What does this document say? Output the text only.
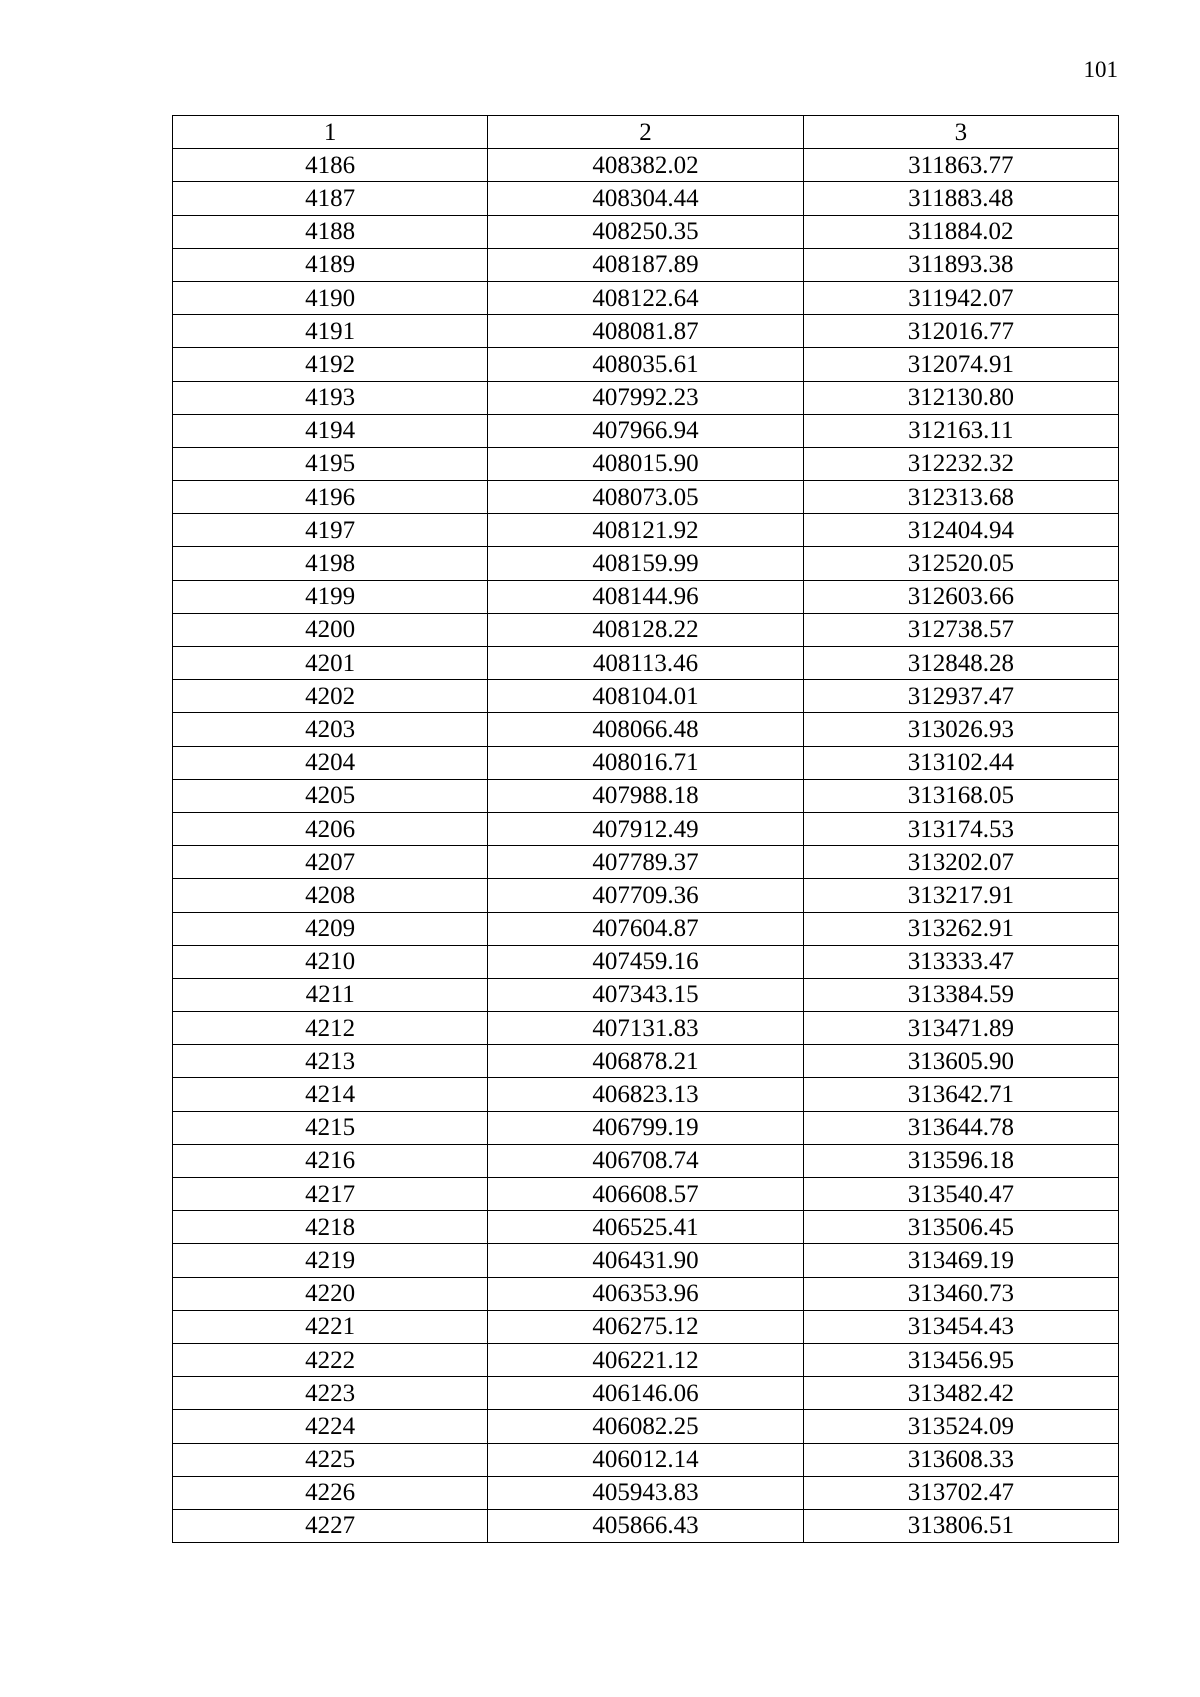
101
1	2	3
4186	408382.02	311863.77
4187	408304.44	311883.48
4188	408250.35	311884.02
4189	408187.89	311893.38
4190	408122.64	311942.07
4191	408081.87	312016.77
4192	408035.61	312074.91
4193	407992.23	312130.80
4194	407966.94	312163.11
4195	408015.90	312232.32
4196	408073.05	312313.68
4197	408121.92	312404.94
4198	408159.99	312520.05
4199	408144.96	312603.66
4200	408128.22	312738.57
4201	408113.46	312848.28
4202	408104.01	312937.47
4203	408066.48	313026.93
4204	408016.71	313102.44
4205	407988.18	313168.05
4206	407912.49	313174.53
4207	407789.37	313202.07
4208	407709.36	313217.91
4209	407604.87	313262.91
4210	407459.16	313333.47
4211	407343.15	313384.59
4212	407131.83	313471.89
4213	406878.21	313605.90
4214	406823.13	313642.71
4215	406799.19	313644.78
4216	406708.74	313596.18
4217	406608.57	313540.47
4218	406525.41	313506.45
4219	406431.90	313469.19
4220	406353.96	313460.73
4221	406275.12	313454.43
4222	406221.12	313456.95
4223	406146.06	313482.42
4224	406082.25	313524.09
4225	406012.14	313608.33
4226	405943.83	313702.47
4227	405866.43	313806.51
